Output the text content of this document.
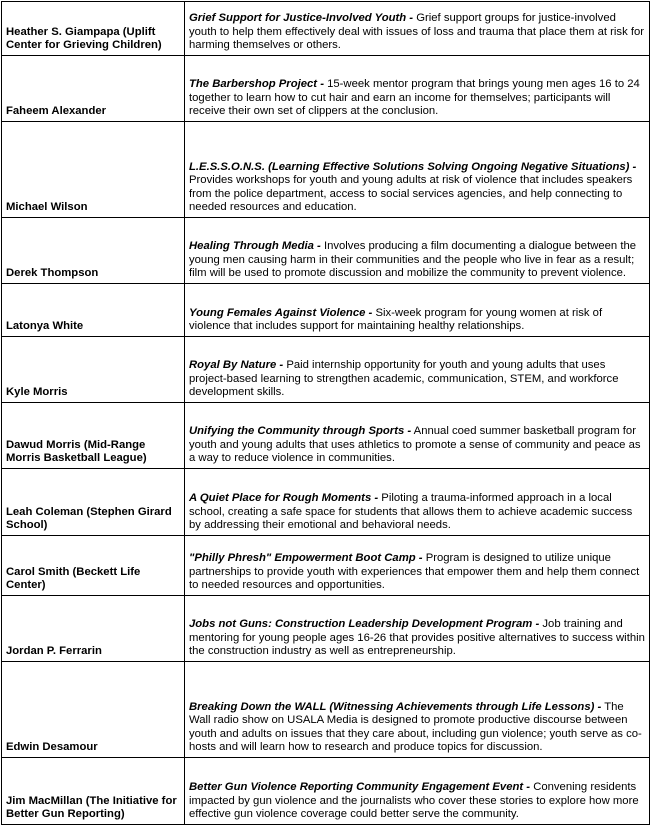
Heather S. Giampapa (Uplift Center for Grieving Children)	Grief Support for Justice-Involved Youth - Grief support groups for justice-involved youth to help them effectively deal with issues of loss and trauma that place them at risk for harming themselves or others.
Faheem Alexander	The Barbershop Project - 15-week mentor program that brings young men ages 16 to 24 together to learn how to cut hair and earn an income for themselves; participants will receive their own set of clippers at the conclusion.
Michael Wilson	L.E.S.S.O.N.S. (Learning Effective Solutions Solving Ongoing Negative Situations) - Provides workshops for youth and young adults at risk of violence that includes speakers from the police department, access to social services agencies, and help connecting to needed resources and education.
Derek Thompson	Healing Through Media - Involves producing a film documenting a dialogue between the young men causing harm in their communities and the people who live in fear as a result; film will be used to promote discussion and mobilize the community to prevent violence.
Latonya White	Young Females Against Violence - Six-week program for young women at risk of violence that includes support for maintaining healthy relationships.
Kyle Morris	Royal By Nature - Paid internship opportunity for youth and young adults that uses project-based learning to strengthen academic, communication, STEM, and workforce development skills.
Dawud Morris (Mid-Range Morris Basketball League)	Unifying the Community through Sports - Annual coed summer basketball program for youth and young adults that uses athletics to promote a sense of community and peace as a way to reduce violence in communities.
Leah Coleman (Stephen Girard School)	A Quiet Place for Rough Moments - Piloting a trauma-informed approach in a local school, creating a safe space for students that allows them to achieve academic success by addressing their emotional and behavioral needs.
Carol Smith (Beckett Life Center)	"Philly Phresh" Empowerment Boot Camp - Program is designed to utilize unique partnerships to provide youth with experiences that empower them and help them connect to needed resources and opportunities.
Jordan P. Ferrarin	Jobs not Guns: Construction Leadership Development Program - Job training and mentoring for young people ages 16-26 that provides positive alternatives to success within the construction industry as well as entrepreneurship.
Edwin Desamour	Breaking Down the WALL (Witnessing Achievements through Life Lessons) - The Wall radio show on USALA Media is designed to promote productive discourse between youth and adults on issues that they care about, including gun violence; youth serve as co-hosts and will learn how to research and produce topics for discussion.
Jim MacMillan (The Initiative for Better Gun Reporting)	Better Gun Violence Reporting Community Engagement Event - Convening residents impacted by gun violence and the journalists who cover these stories to explore how more effective gun violence coverage could better serve the community.
